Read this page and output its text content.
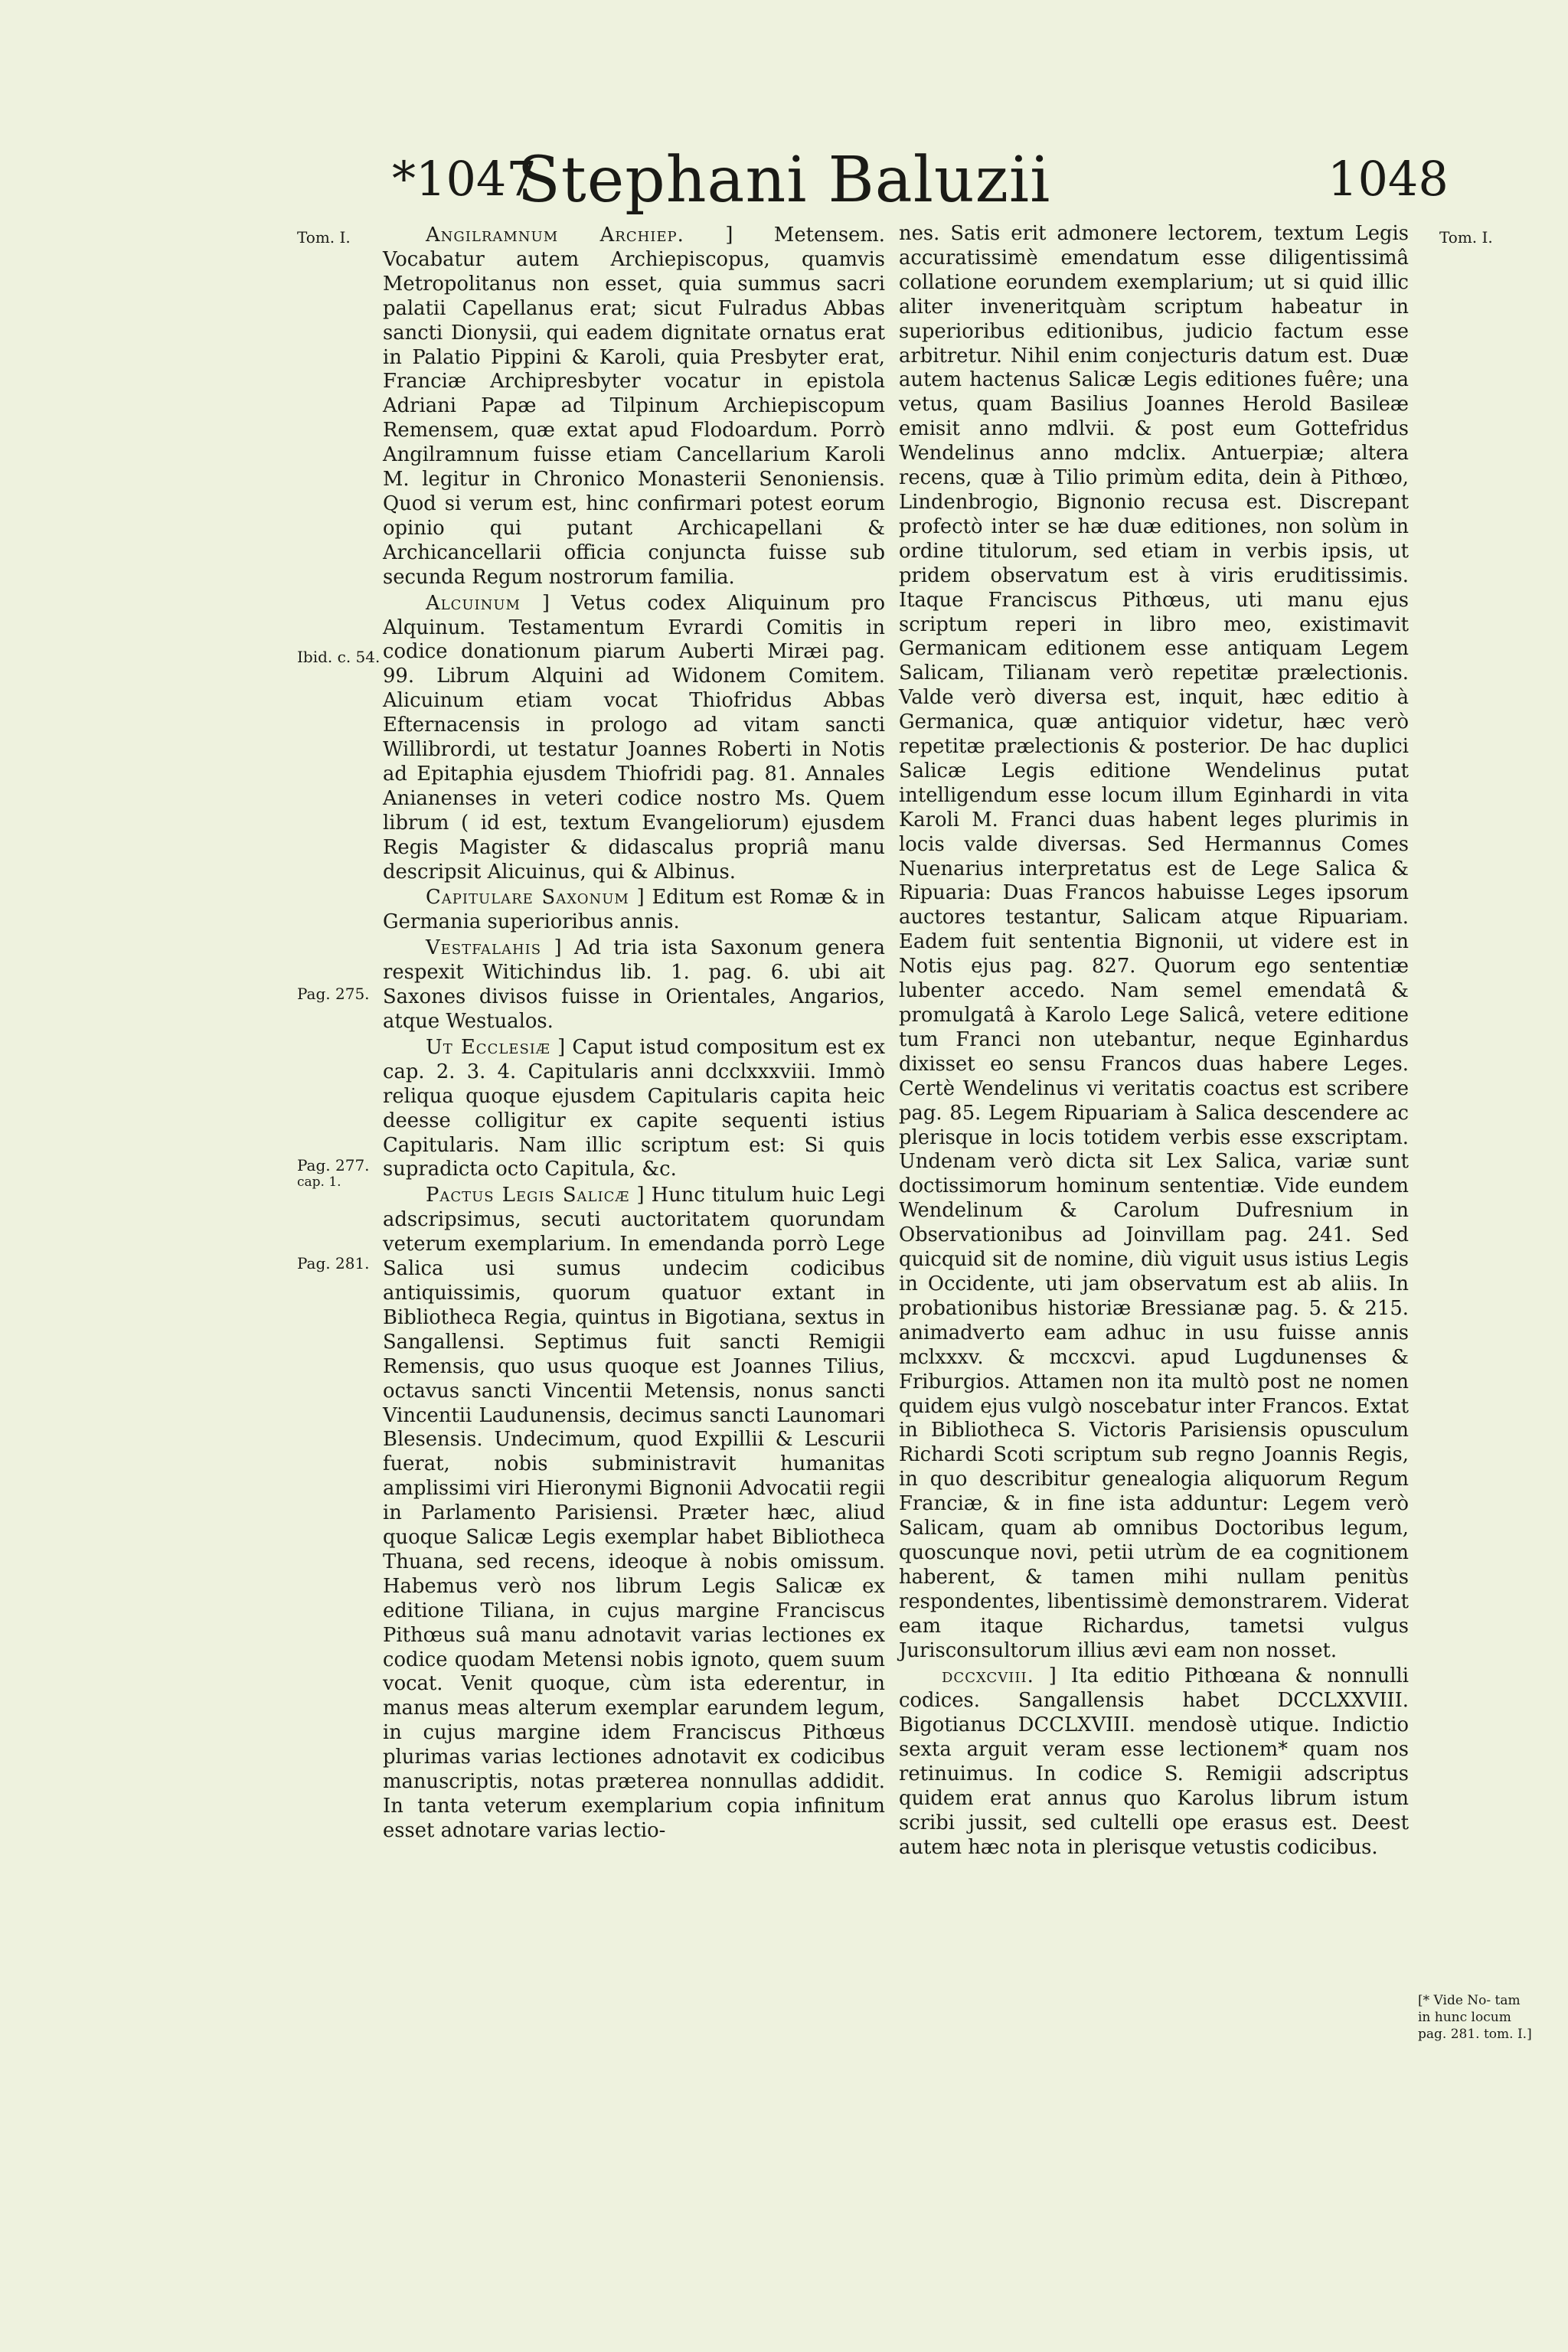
*1047
Stephani Baluzii	1048
Tom. I.
Ibid. c. 54.
Pag. 275.
Pag. 277.
cap. 1.
Pag. 281.
Tom. I.
[* Vide No- tam in hunc locum pag. 281. tom. I.]

Angilramnum Archiep. ] Metensem. Vocabatur autem Archiepiscopus, quamvis Metropolitanus non esset, quia summus sacri palatii Capellanus erat; sicut Fulradus Abbas sancti Dionysii, qui eadem dignitate ornatus erat in Palatio Pippini & Karoli, quia Presbyter erat, Franciæ Archipresbyter vocatur in epistola Adriani Papæ ad Tilpinum Archiepiscopum Remensem, quæ extat apud Flodoardum. Porrò Angilramnum fuisse etiam Cancellarium Karoli M. legitur in Chronico Monasterii Senoniensis. Quod si verum est, hinc confirmari potest eorum opinio qui putant Archicapellani & Archicancellarii officia conjuncta fuisse sub secunda Regum nostrorum familia.

Alcuinum ] Vetus codex Aliquinum pro Alquinum. Testamentum Evrardi Comitis in codice donationum piarum Auberti Miræi pag. 99. Librum Alquini ad Widonem Comitem. Alicuinum etiam vocat Thiofridus Abbas Efternacensis in prologo ad vitam sancti Willibrordi, ut testatur Joannes Roberti in Notis ad Epitaphia ejusdem Thiofridi pag. 81. Annales Anianenses in veteri codice nostro Ms. Quem librum ( id est, textum Evangeliorum) ejusdem Regis Magister & didascalus propriâ manu descripsit Alicuinus, qui & Albinus.

Capitulare Saxonum ] Editum est Romæ & in Germania superioribus annis.

Vestfalahis ] Ad tria ista Saxonum genera respexit Witichindus lib. 1. pag. 6. ubi ait Saxones divisos fuisse in Orientales, Angarios, atque Westualos.

Ut Ecclesiæ ] Caput istud compositum est ex cap. 2. 3. 4. Capitularis anni dcclxxxviii. Immò reliqua quoque ejusdem Capitularis capita heic deesse colligitur ex capite sequenti istius Capitularis. Nam illic scriptum est: Si quis supradicta octo Capitula, &c.

Pactus Legis Salicæ ] Hunc titulum huic Legi adscripsimus, secuti auctoritatem quorundam veterum exemplarium. In emendanda porrò Lege Salica usi sumus undecim codicibus antiquissimis, quorum quatuor extant in Bibliotheca Regia, quintus in Bigotiana, sextus in Sangallensi. Septimus fuit sancti Remigii Remensis, quo usus quoque est Joannes Tilius, octavus sancti Vincentii Metensis, nonus sancti Vincentii Laudunensis, decimus sancti Launomari Blesensis. Undecimum, quod Expillii & Lescurii fuerat, nobis subministravit humanitas amplissimi viri Hieronymi Bignonii Advocatii regii in Parlamento Parisiensi. Præter hæc, aliud quoque Salicæ Legis exemplar habet Bibliotheca Thuana, sed recens, ideoque à nobis omissum. Habemus verò nos librum Legis Salicæ ex editione Tiliana, in cujus margine Franciscus Pithœus suâ manu adnotavit varias lectiones ex codice quodam Metensi nobis ignoto, quem suum vocat. Venit quoque, cùm ista ederentur, in manus meas alterum exemplar earundem legum, in cujus margine idem Franciscus Pithœus plurimas varias lectiones adnotavit ex codicibus manuscriptis, notas præterea nonnullas addidit. In tanta veterum exemplarium copia infinitum esset adnotare varias lectio-

nes. Satis erit admonere lectorem, textum Legis accuratissimè emendatum esse diligentissimâ collatione eorundem exemplarium; ut si quid illic aliter inveneritquàm scriptum habeatur in superioribus editionibus, judicio factum esse arbitretur. Nihil enim conjecturis datum est. Duæ autem hactenus Salicæ Legis editiones fuêre; una vetus, quam Basilius Joannes Herold Basileæ emisit anno mdlvii. & post eum Gottefridus Wendelinus anno mdclix. Antuerpiæ; altera recens, quæ à Tilio primùm edita, dein à Pithœo, Lindenbrogio, Bignonio recusa est. Discrepant profectò inter se hæ duæ editiones, non solùm in ordine titulorum, sed etiam in verbis ipsis, ut pridem observatum est à viris eruditissimis. Itaque Franciscus Pithœus, uti manu ejus scriptum reperi in libro meo, existimavit Germanicam editionem esse antiquam Legem Salicam, Tilianam verò repetitæ prælectionis. Valde verò diversa est, inquit, hæc editio à Germanica, quæ antiquior videtur, hæc verò repetitæ prælectionis & posterior. De hac duplici Salicæ Legis editione Wendelinus putat intelligendum esse locum illum Eginhardi in vita Karoli M. Franci duas habent leges plurimis in locis valde diversas. Sed Hermannus Comes Nuenarius interpretatus est de Lege Salica & Ripuaria: Duas Francos habuisse Leges ipsorum auctores testantur, Salicam atque Ripuariam. Eadem fuit sententia Bignonii, ut videre est in Notis ejus pag. 827. Quorum ego sententiæ lubenter accedo. Nam semel emendatâ & promulgatâ à Karolo Lege Salicâ, vetere editione tum Franci non utebantur, neque Eginhardus dixisset eo sensu Francos duas habere Leges. Certè Wendelinus vi veritatis coactus est scribere pag. 85. Legem Ripuariam à Salica descendere ac plerisque in locis totidem verbis esse exscriptam. Undenam verò dicta sit Lex Salica, variæ sunt doctissimorum hominum sententiæ. Vide eundem Wendelinum & Carolum Dufresnium in Observationibus ad Joinvillam pag. 241. Sed quicquid sit de nomine, diù viguit usus istius Legis in Occidente, uti jam observatum est ab aliis. In probationibus historiæ Bressianæ pag. 5. & 215. animadverto eam adhuc in usu fuisse annis mclxxxv. & mccxcvi. apud Lugdunenses & Friburgios. Attamen non ita multò post ne nomen quidem ejus vulgò noscebatur inter Francos. Extat in Bibliotheca S. Victoris Parisiensis opusculum Richardi Scoti scriptum sub regno Joannis Regis, in quo describitur genealogia aliquorum Regum Franciæ, & in fine ista adduntur: Legem verò Salicam, quam ab omnibus Doctoribus legum, quoscunque novi, petii utrùm de ea cognitionem haberent, & tamen mihi nullam penitùs respondentes, libentissimè demonstrarem. Viderat eam itaque Richardus, tametsi vulgus Jurisconsultorum illius ævi eam non nosset.

dccxcviii. ] Ita editio Pithœana & nonnulli codices. Sangallensis habet DCCLXXVIII. Bigotianus DCCLXVIII. mendosè utique. Indictio sexta arguit veram esse lectionem* quam nos retinuimus. In codice S. Remigii adscriptus quidem erat annus quo Karolus librum istum scribi jussit, sed cultelli ope erasus est. Deest autem hæc nota in plerisque vetustis codicibus.
